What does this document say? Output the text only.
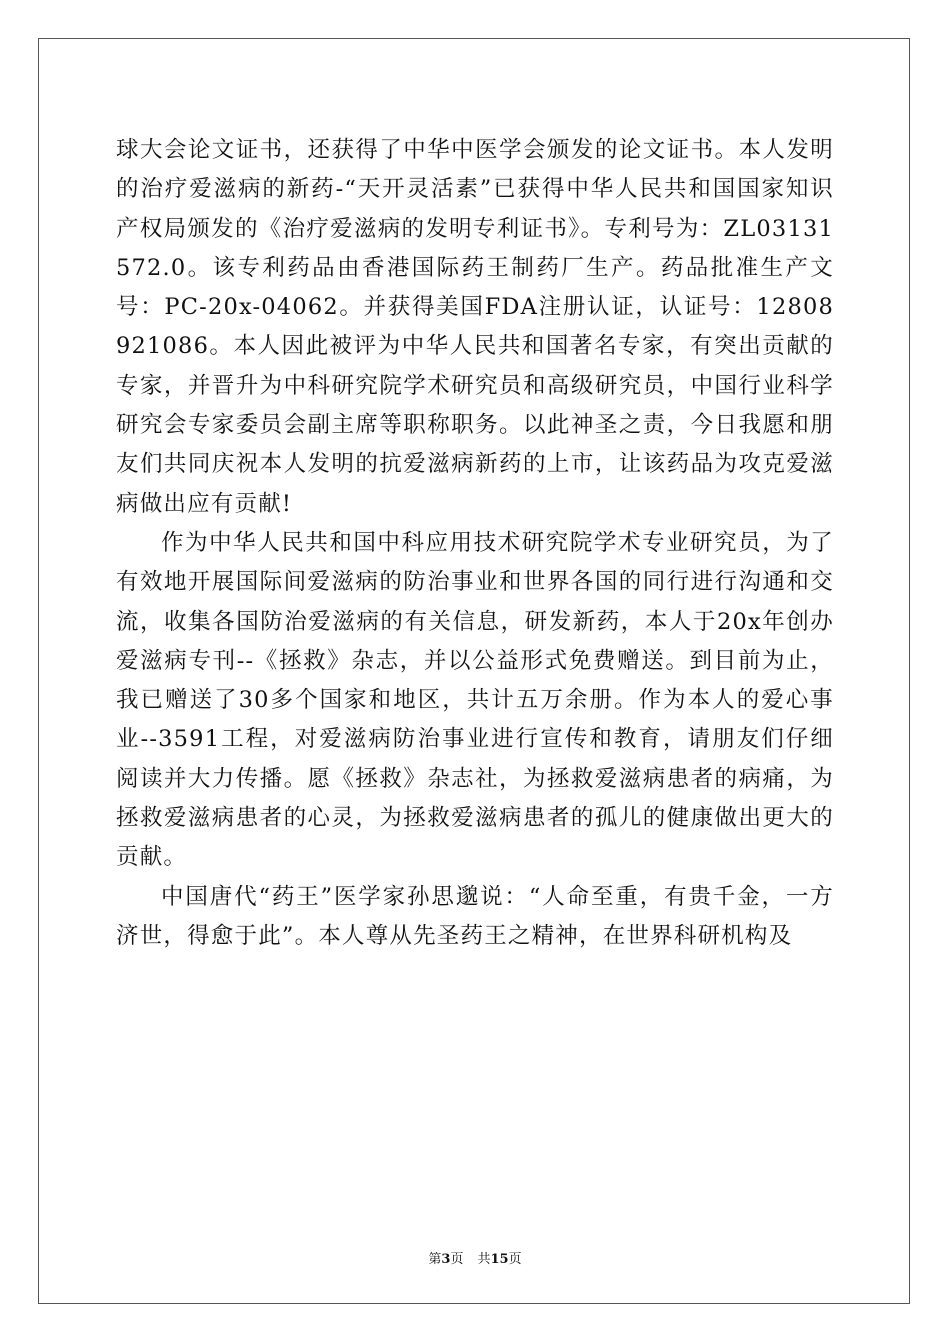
球大会论文证书，还获得了中华中医学会颁发的论文证书。本人发明的治疗爱滋病的新药-“天开灵活素”已获得中华人民共和国国家知识产权局颁发的《治疗爱滋病的发明专利证书》。专利号为：ZL03131572.0。该专利药品由香港国际药王制药厂生产。药品批准生产文号：PC-20x-04062。并获得美国FDA注册认证，认证号：12808921086。本人因此被评为中华人民共和国著名专家，有突出贡献的专家，并晋升为中科研究院学术研究员和高级研究员，中国行业科学研究会专家委员会副主席等职称职务。以此神圣之责，今日我愿和朋友们共同庆祝本人发明的抗爱滋病新药的上市，让该药品为攻克爱滋病做出应有贡献!

作为中华人民共和国中科应用技术研究院学术专业研究员，为了有效地开展国际间爱滋病的防治事业和世界各国的同行进行沟通和交流，收集各国防治爱滋病的有关信息，研发新药，本人于20x年创办爱滋病专刊--《拯救》杂志，并以公益形式免费赠送。到目前为止，我已赠送了30多个国家和地区，共计五万余册。作为本人的爱心事业--3591工程，对爱滋病防治事业进行宣传和教育，请朋友们仔细阅读并大力传播。愿《拯救》杂志社，为拯救爱滋病患者的病痛，为拯救爱滋病患者的心灵，为拯救爱滋病患者的孤儿的健康做出更大的贡献。

中国唐代“药王”医学家孙思邈说：“人命至重，有贵千金，一方济世，得愈于此”。本人尊从先圣药王之精神，在世界科研机构及

第3页 共15页
